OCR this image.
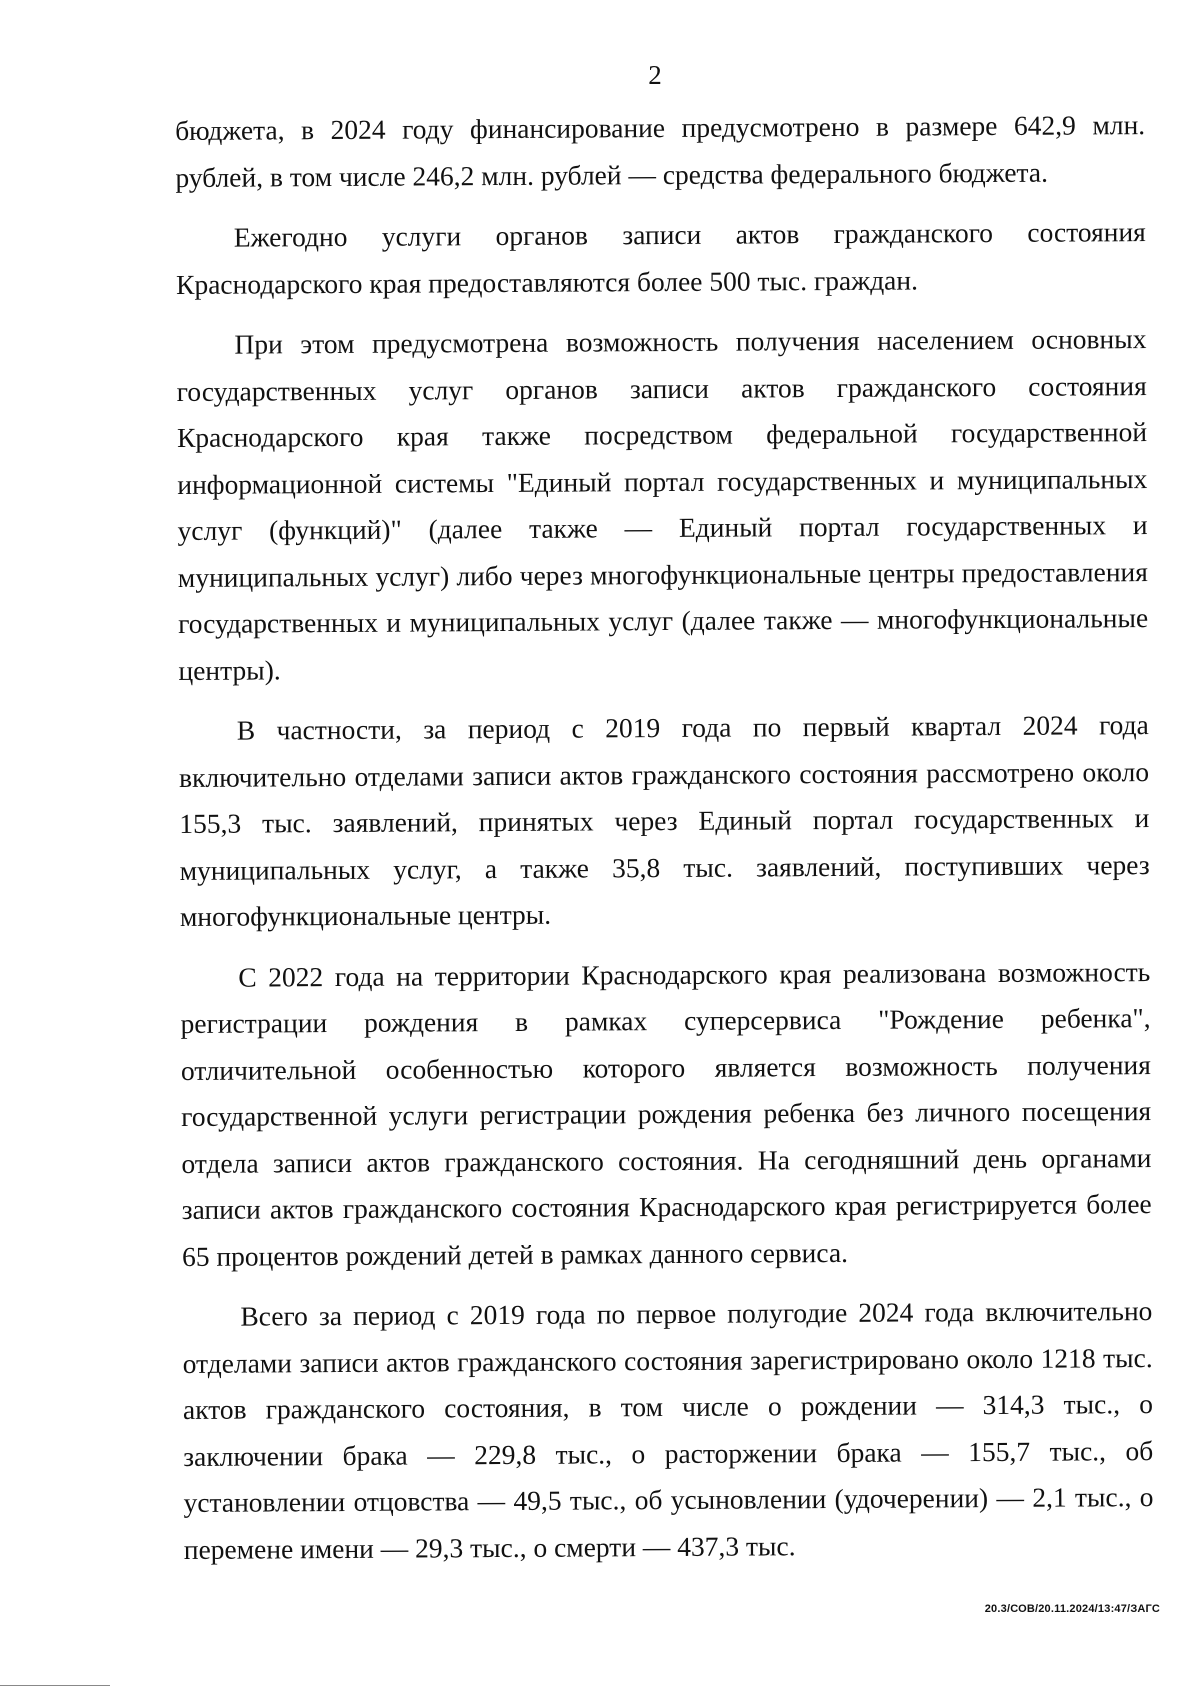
2

бюджета, в 2024 году финансирование предусмотрено в размере 642,9 млн. рублей, в том числе 246,2 млн. рублей — средства федерального бюджета.

Ежегодно услуги органов записи актов гражданского состояния Краснодарского края предоставляются более 500 тыс. граждан.

При этом предусмотрена возможность получения населением основных государственных услуг органов записи актов гражданского состояния Краснодарского края также посредством федеральной государственной информационной системы "Единый портал государственных и муниципальных услуг (функций)" (далее также — Единый портал государственных и муниципальных услуг) либо через многофункциональные центры предоставления государственных и муниципальных услуг (далее также — многофункциональные центры).

В частности, за период с 2019 года по первый квартал 2024 года включительно отделами записи актов гражданского состояния рассмотрено около 155,3 тыс. заявлений, принятых через Единый портал государственных и муниципальных услуг, а также 35,8 тыс. заявлений, поступивших через многофункциональные центры.

С 2022 года на территории Краснодарского края реализована возможность регистрации рождения в рамках суперсервиса "Рождение ребенка", отличительной особенностью которого является возможность получения государственной услуги регистрации рождения ребенка без личного посещения отдела записи актов гражданского состояния. На сегодняшний день органами записи актов гражданского состояния Краснодарского края регистрируется более 65 процентов рождений детей в рамках данного сервиса.

Всего за период с 2019 года по первое полугодие 2024 года включительно отделами записи актов гражданского состояния зарегистрировано около 1218 тыс. актов гражданского состояния, в том числе о рождении — 314,3 тыс., о заключении брака — 229,8 тыс., о расторжении брака — 155,7 тыс., об установлении отцовства — 49,5 тыс., об усыновлении (удочерении) — 2,1 тыс., о перемене имени — 29,3 тыс., о смерти — 437,3 тыс.

20.3/СОВ/20.11.2024/13:47/ЗАГС
